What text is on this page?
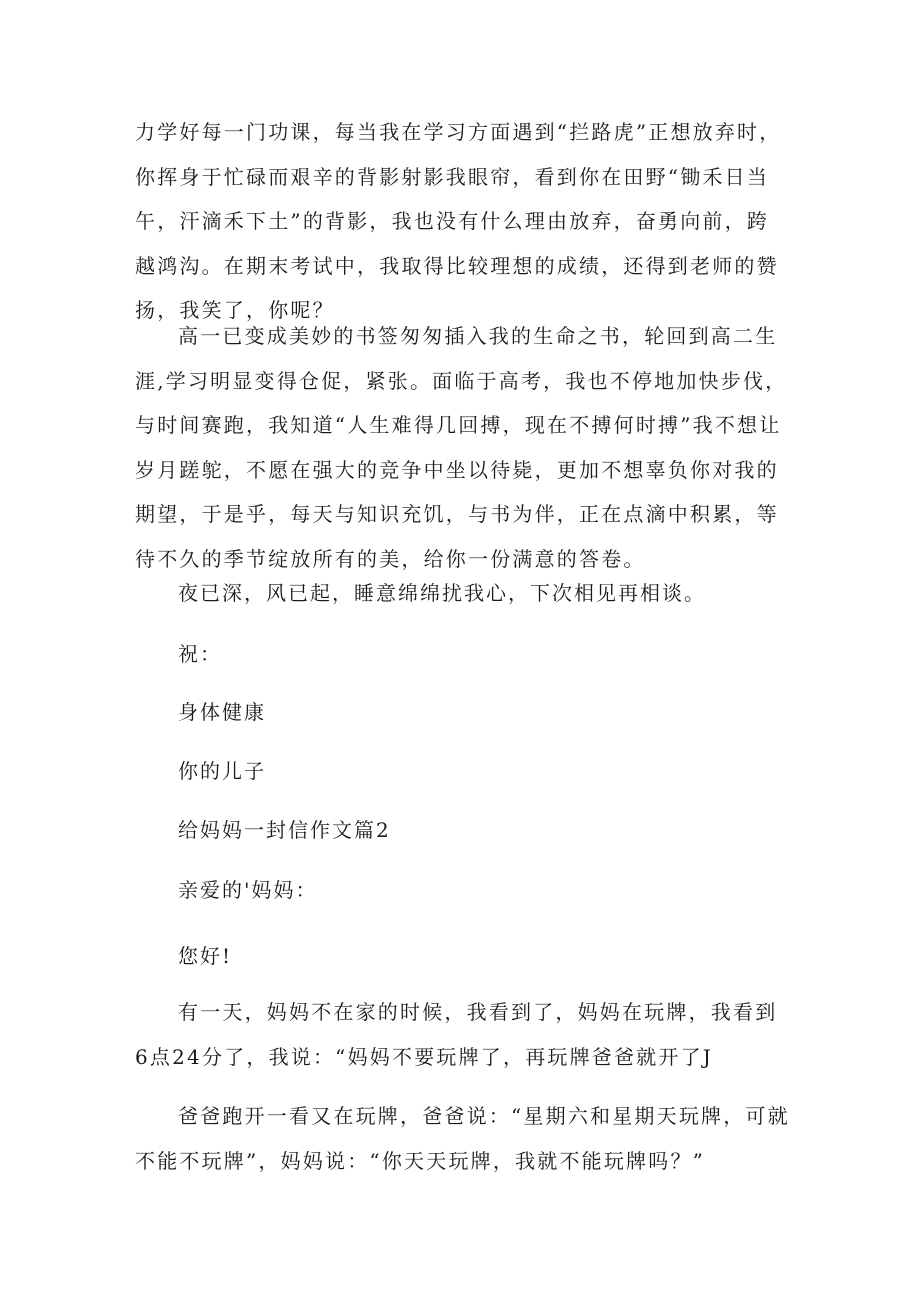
力学好每一门功课，每当我在学习方面遇到“拦路虎”正想放弃时，你挥身于忙碌而艰辛的背影射影我眼帘，看到你在田野“锄禾日当午，汗滴禾下土”的背影，我也没有什么理由放弃，奋勇向前，跨越鸿沟。在期末考试中，我取得比较理想的成绩，还得到老师的赞扬，我笑了，你呢？

高一已变成美妙的书签匆匆插入我的生命之书，轮回到高二生涯,学习明显变得仓促，紧张。面临于高考，我也不停地加快步伐，与时间赛跑，我知道“人生难得几回搏，现在不搏何时搏”我不想让岁月蹉鸵，不愿在强大的竞争中坐以待毙，更加不想辜负你对我的期望，于是乎，每天与知识充饥，与书为伴，正在点滴中积累，等待不久的季节绽放所有的美，给你一份满意的答卷。

夜已深，风已起，睡意绵绵扰我心，下次相见再相谈。

祝：

身体健康

你的儿子

给妈妈一封信作文篇2

亲爱的'妈妈：

您好!

有一天，妈妈不在家的时候，我看到了，妈妈在玩牌，我看到6点24分了，我说：“妈妈不要玩牌了，再玩牌爸爸就开了J

爸爸跑开一看又在玩牌，爸爸说：“星期六和星期天玩牌，可就不能不玩牌”，妈妈说：“你天天玩牌，我就不能玩牌吗？”
